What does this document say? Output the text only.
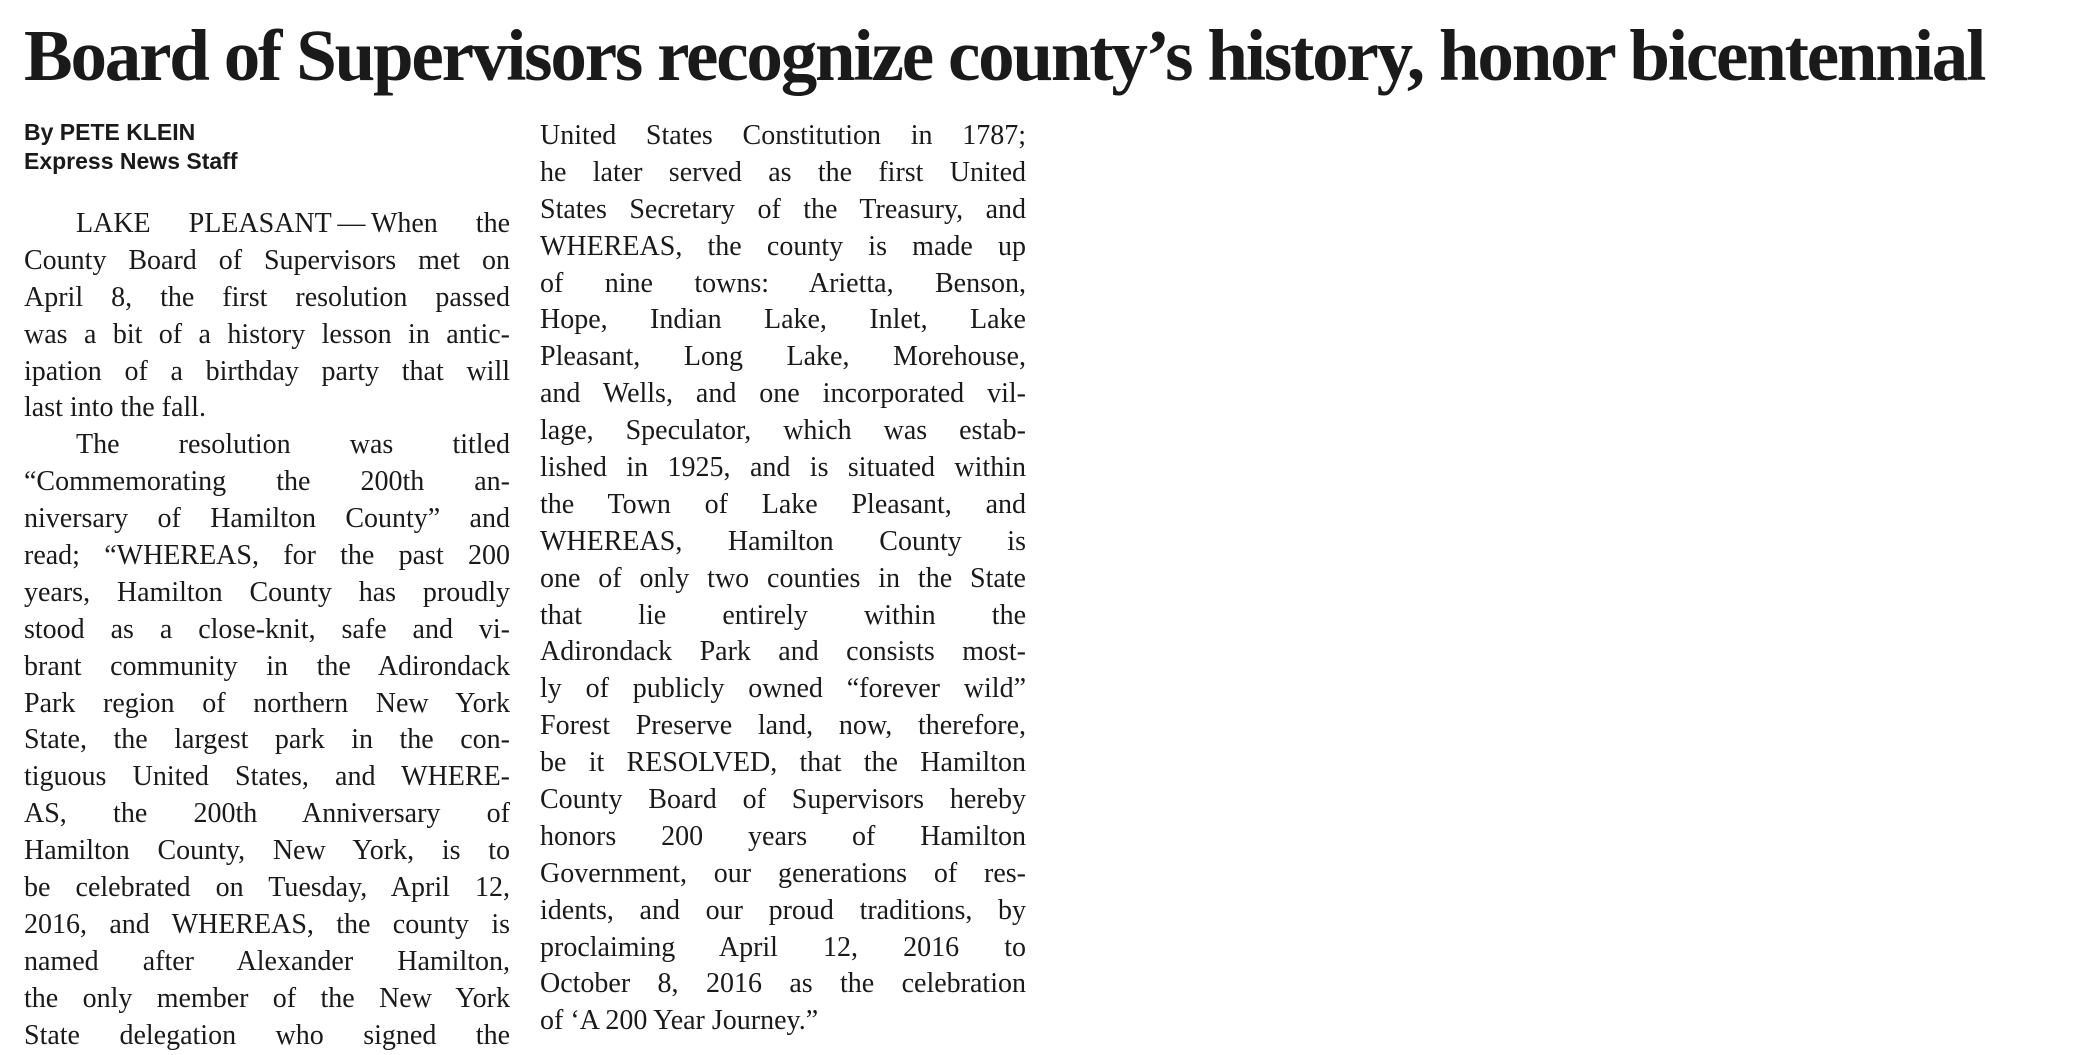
Board of Supervisors recognize county’s history, honor bicentennial
By PETE KLEIN
Express News Staff
LAKE PLEASANT — When the
County Board of Supervisors met on
April 8, the first resolution passed
was a bit of a history lesson in antic-
ipation of a birthday party that will
last into the fall.
The resolution was titled
“Commemorating the 200th an-
niversary of Hamilton County” and
read; “WHEREAS, for the past 200
years, Hamilton County has proudly
stood as a close-knit, safe and vi-
brant community in the Adirondack
Park region of northern New York
State, the largest park in the con-
tiguous United States, and WHERE-
AS, the 200th Anniversary of
Hamilton County, New York, is to
be celebrated on Tuesday, April 12,
2016, and WHEREAS, the county is
named after Alexander Hamilton,
the only member of the New York
State delegation who signed the
United States Constitution in 1787;
he later served as the first United
States Secretary of the Treasury, and
WHEREAS, the county is made up
of nine towns: Arietta, Benson,
Hope, Indian Lake, Inlet, Lake
Pleasant, Long Lake, Morehouse,
and Wells, and one incorporated vil-
lage, Speculator, which was estab-
lished in 1925, and is situated within
the Town of Lake Pleasant, and
WHEREAS, Hamilton County is
one of only two counties in the State
that lie entirely within the
Adirondack Park and consists most-
ly of publicly owned “forever wild”
Forest Preserve land, now, therefore,
be it RESOLVED, that the Hamilton
County Board of Supervisors hereby
honors 200 years of Hamilton
Government, our generations of res-
idents, and our proud traditions, by
proclaiming April 12, 2016 to
October 8, 2016 as the celebration
of ‘A 200 Year Journey.”
